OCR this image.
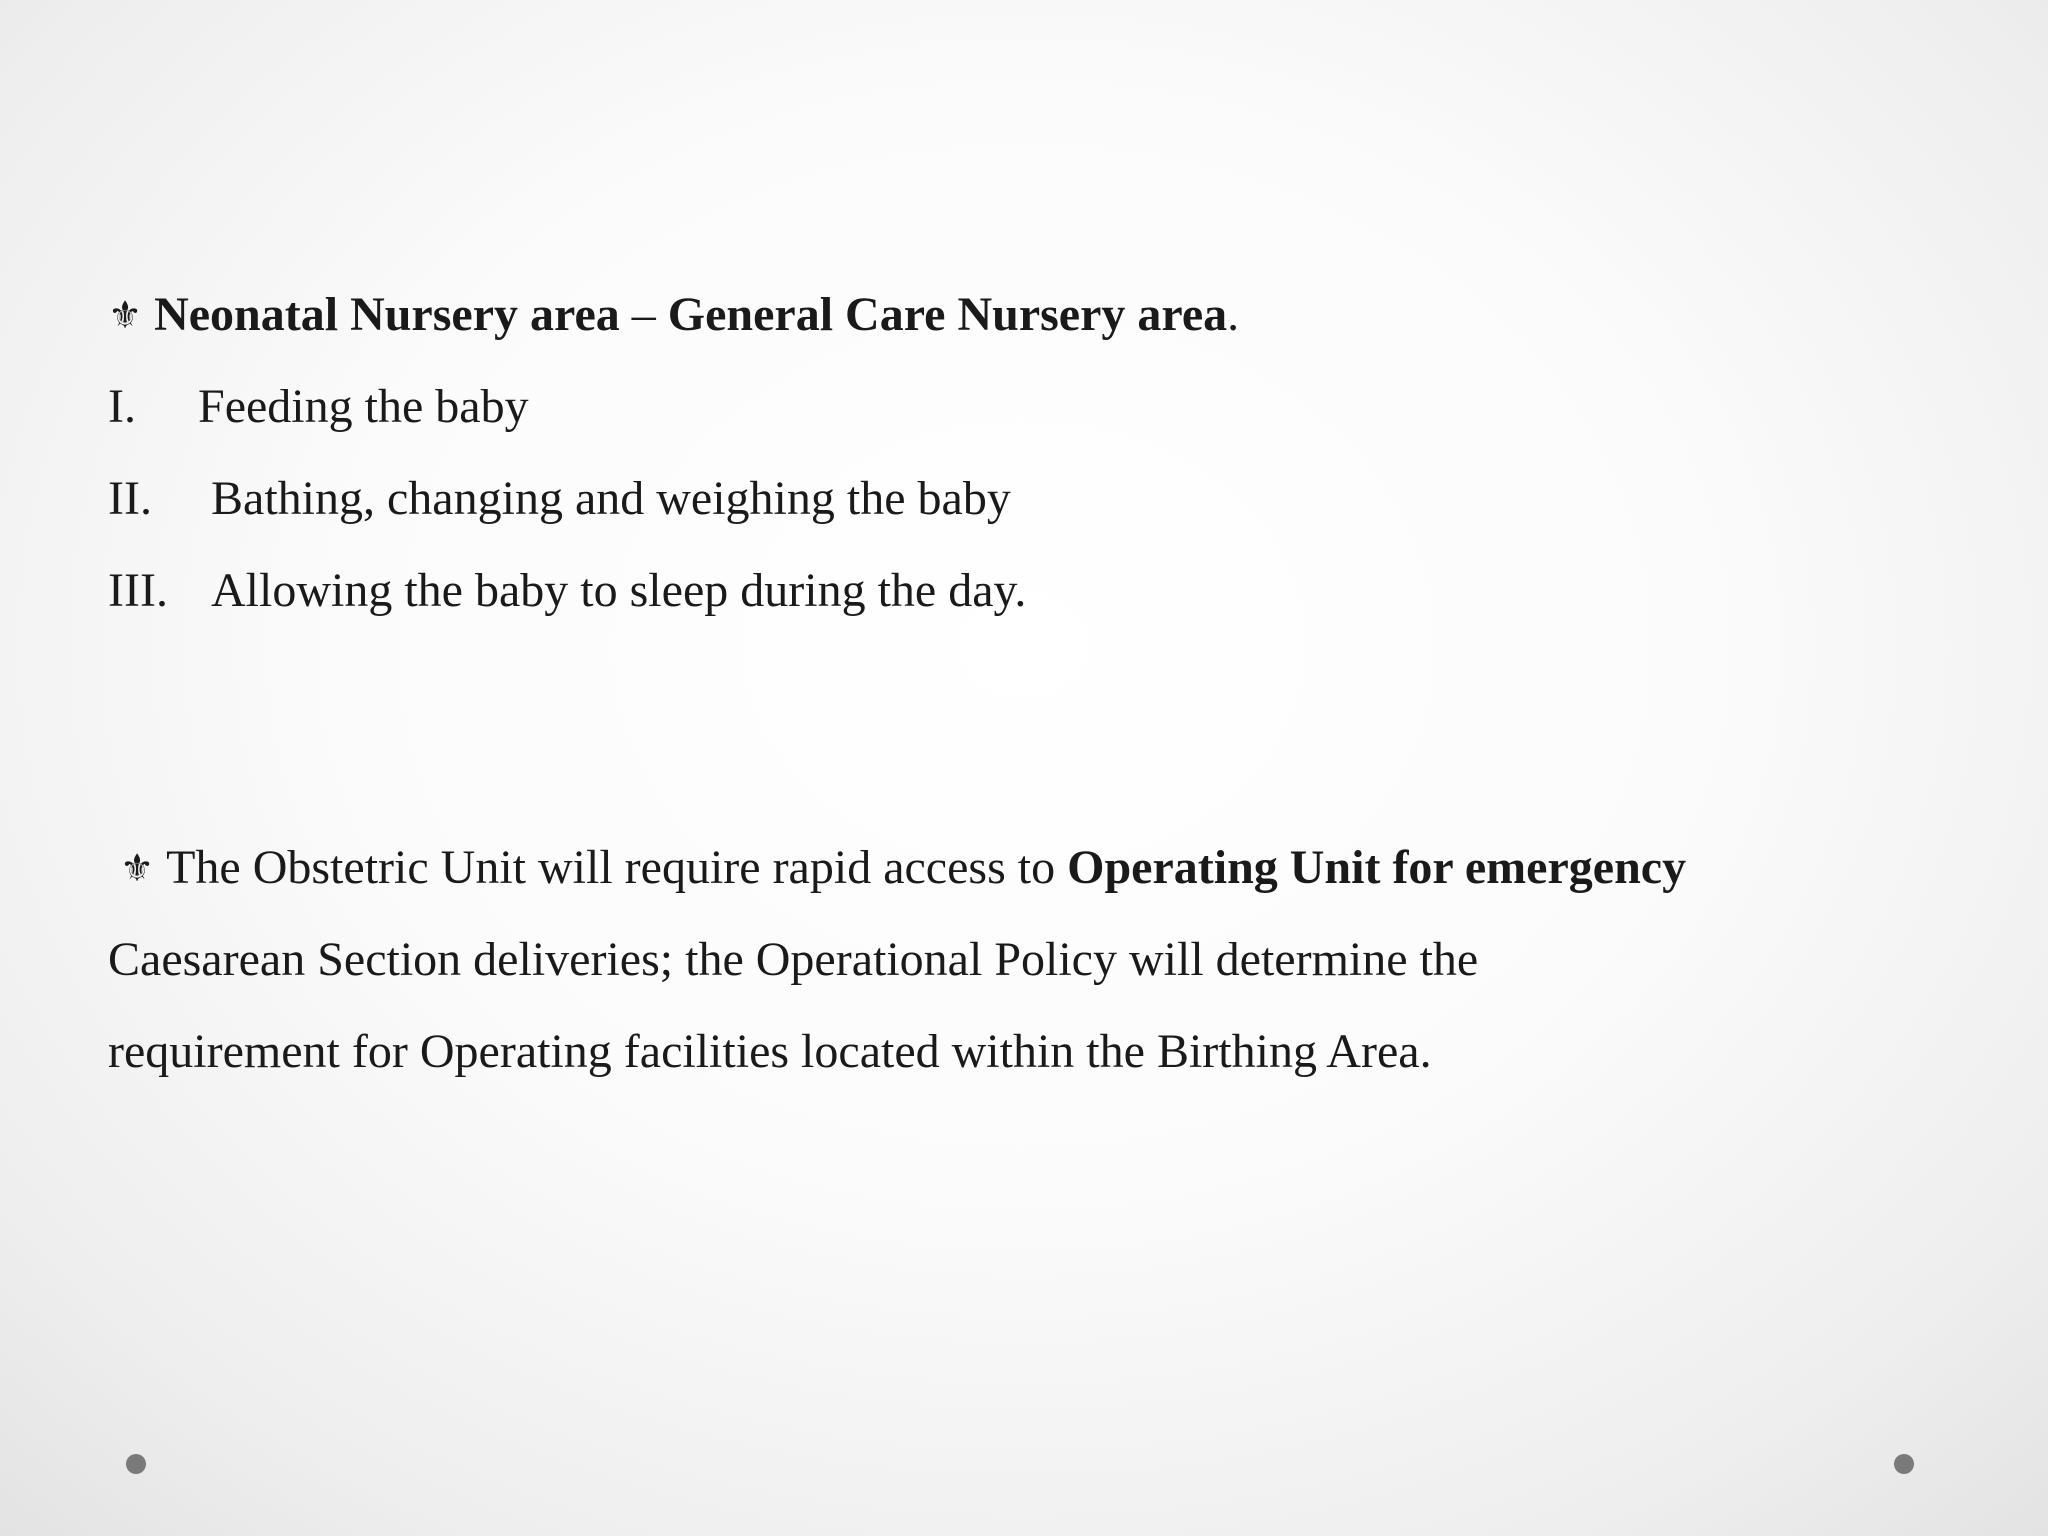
⚜ Neonatal Nursery area – General Care Nursery area.
I. Feeding the baby
II. Bathing, changing and weighing the baby
III. Allowing the baby to sleep during the day.
⚜ The Obstetric Unit will require rapid access to Operating Unit for emergency
Caesarean Section deliveries; the Operational Policy will determine the
requirement for Operating facilities located within the Birthing Area.
